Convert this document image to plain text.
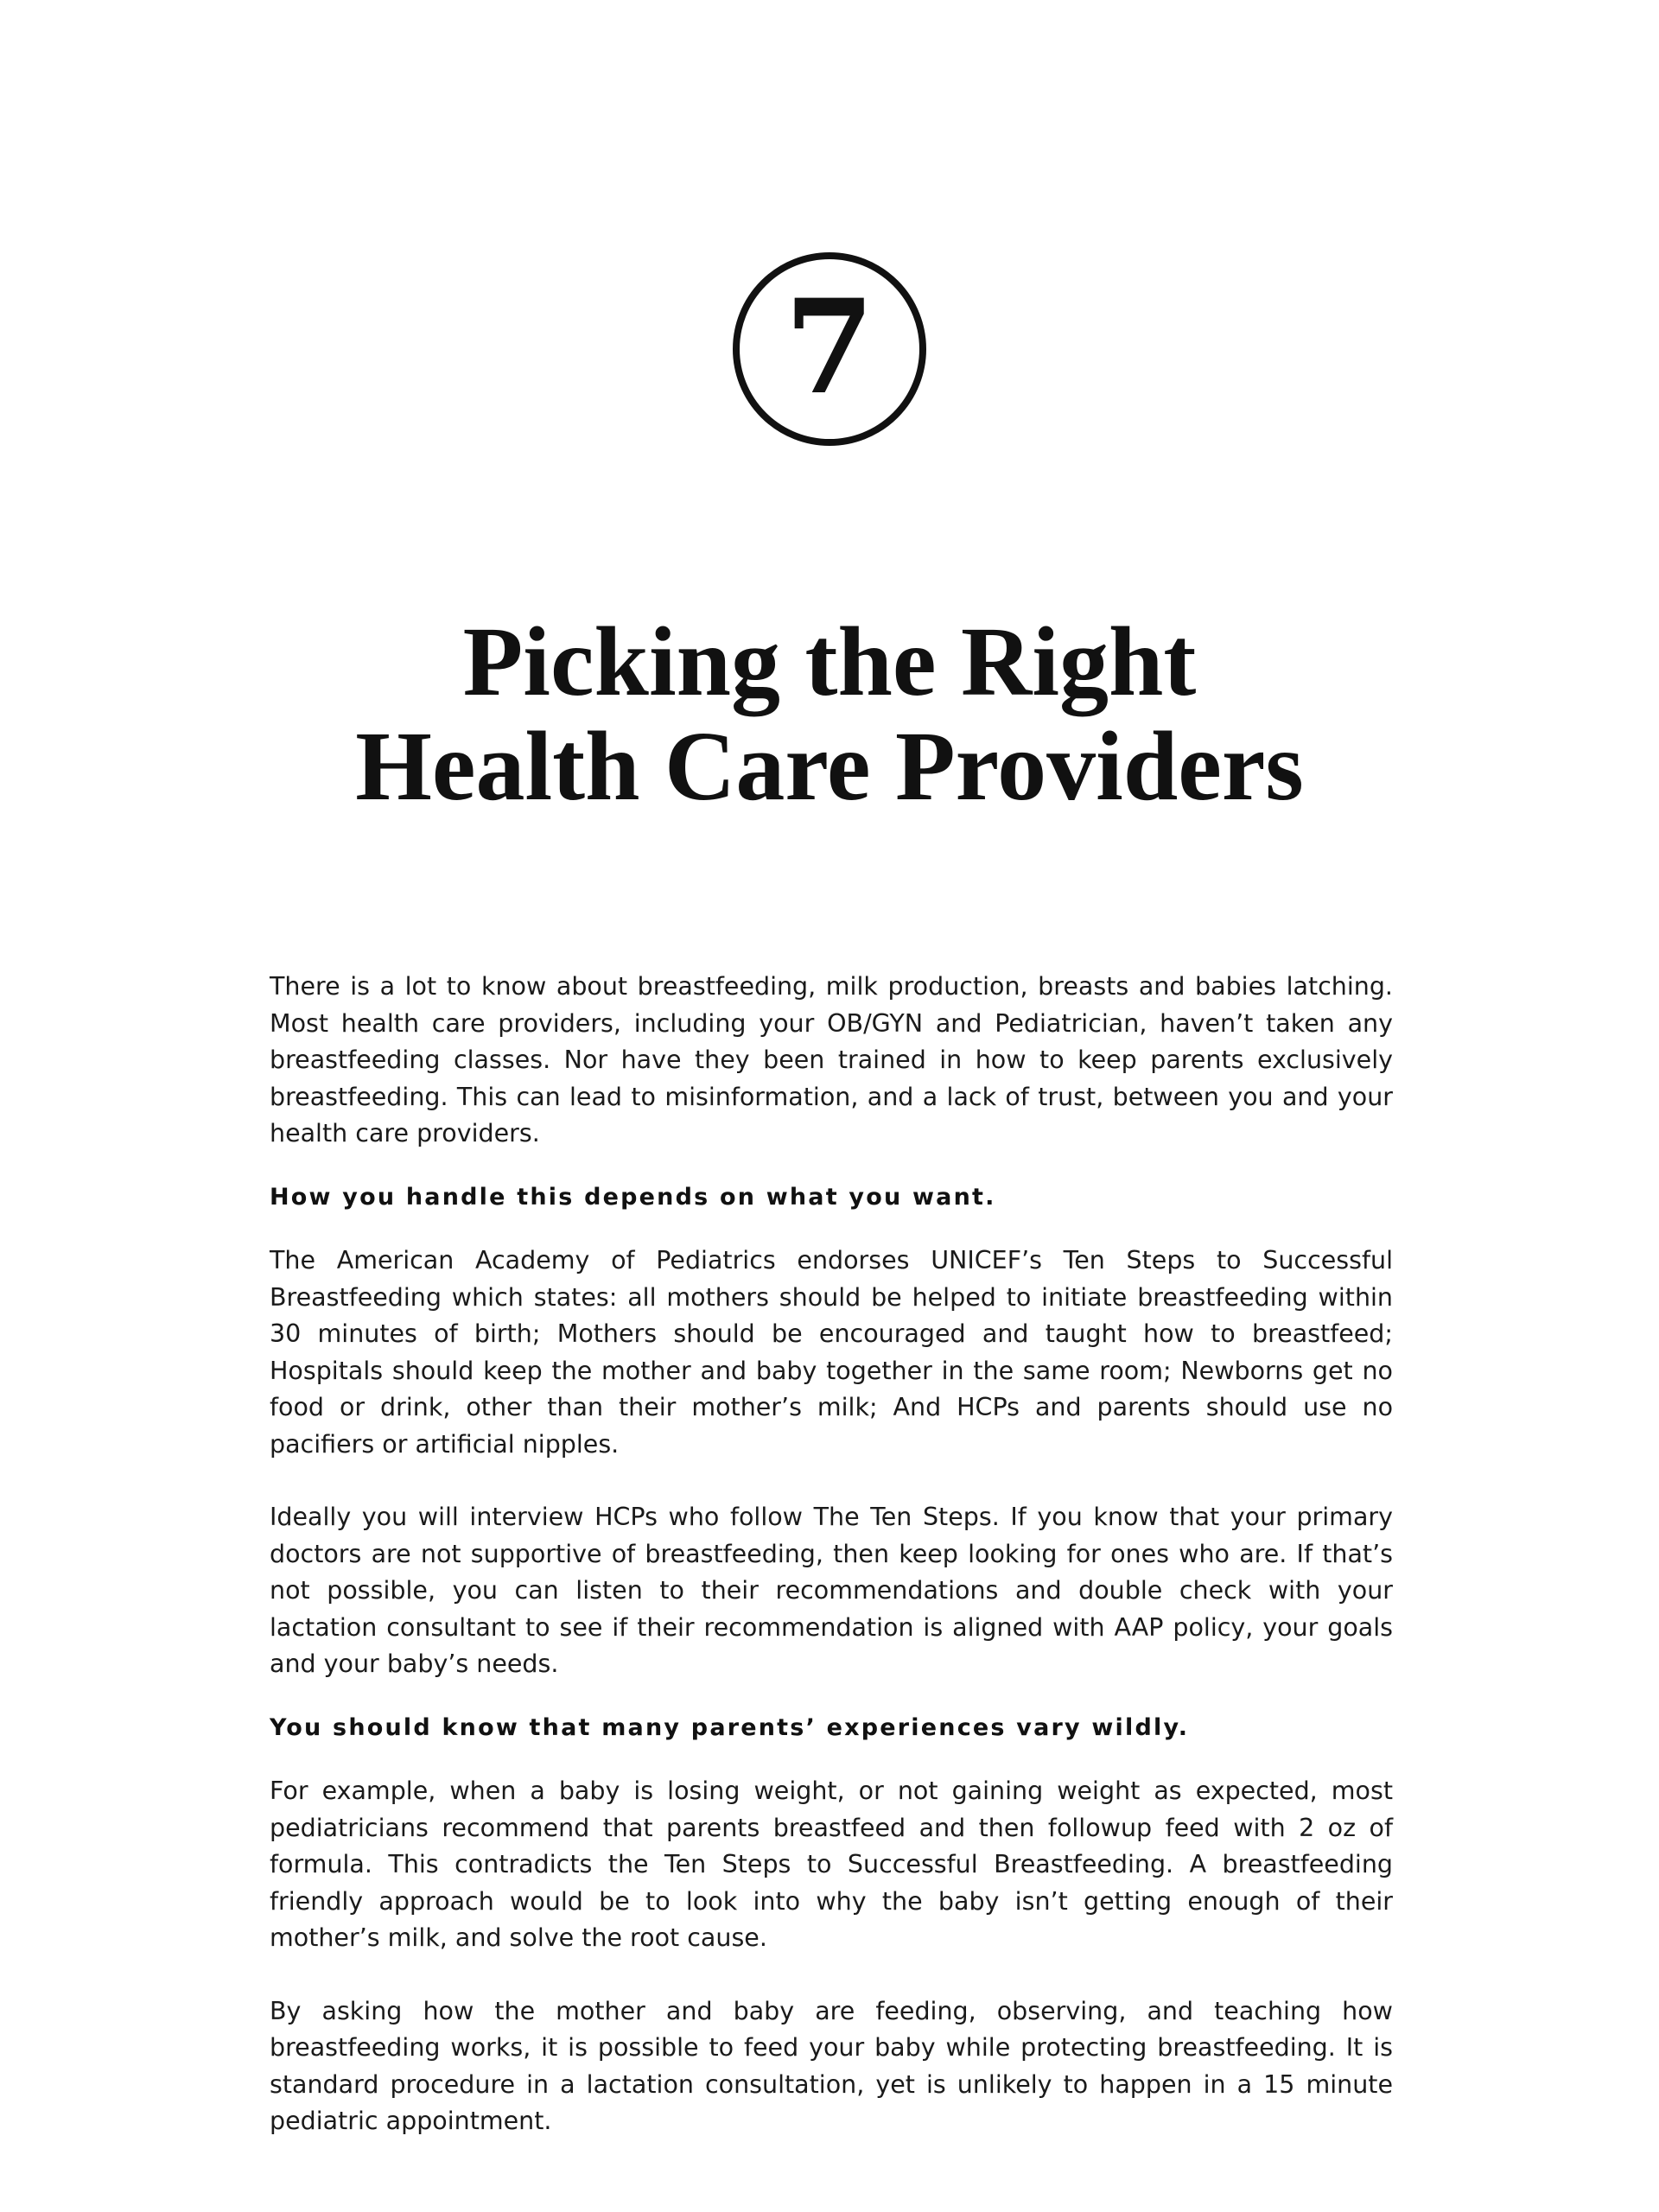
7
Picking the Right
Health Care Providers

There is a lot to know about breastfeeding, milk production, breasts and babies latching. Most health care providers, including your OB/GYN and Pediatrician, haven’t taken any breastfeeding classes. Nor have they been trained in how to keep parents exclusively breastfeeding. This can lead to misinformation, and a lack of trust, between you and your health care providers.

How you handle this depends on what you want.

The American Academy of Pediatrics endorses UNICEF’s Ten Steps to Successful Breastfeeding which states: all mothers should be helped to initiate breastfeeding within 30 minutes of birth; Mothers should be encouraged and taught how to breastfeed; Hospitals should keep the mother and baby together in the same room; Newborns get no food or drink, other than their mother’s milk; And HCPs and parents should use no pacifiers or artificial nipples.

Ideally you will interview HCPs who follow The Ten Steps. If you know that your primary doctors are not supportive of breastfeeding, then keep looking for ones who are. If that’s not possible, you can listen to their recommendations and double check with your lactation consultant to see if their recommendation is aligned with AAP policy, your goals and your baby’s needs.

You should know that many parents’ experiences vary wildly.

For example, when a baby is losing weight, or not gaining weight as expected, most pediatricians recommend that parents breastfeed and then followup feed with 2 oz of formula. This contradicts the Ten Steps to Successful Breastfeeding. A breastfeeding friendly approach would be to look into why the baby isn’t getting enough of their mother’s milk, and solve the root cause.

By asking how the mother and baby are feeding, observing, and teaching how breastfeeding works, it is possible to feed your baby while protecting breastfeeding. It is standard procedure in a lactation consultation, yet is unlikely to happen in a 15 minute pediatric appointment.
